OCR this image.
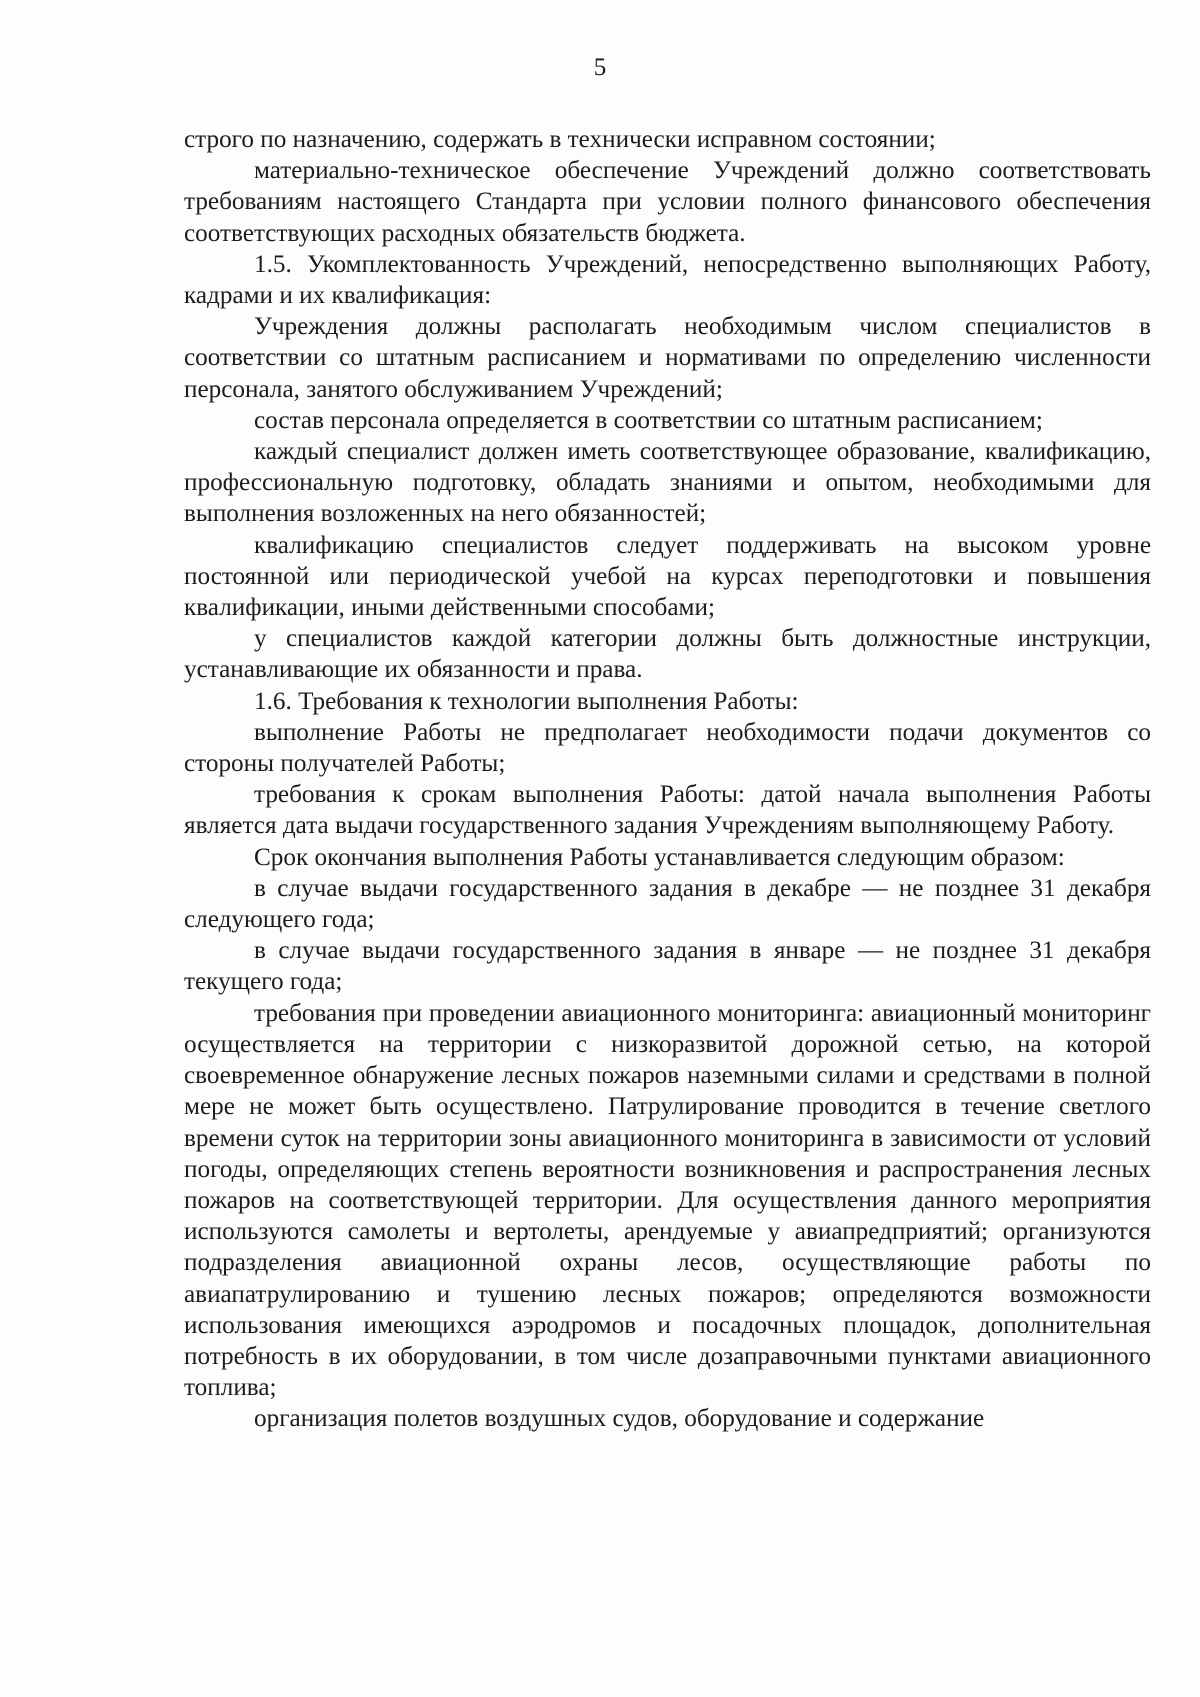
5

строго по назначению, содержать в технически исправном состоянии;

материально-техническое обеспечение Учреждений должно соответствовать требованиям настоящего Стандарта при условии полного финансового обеспечения соответствующих расходных обязательств бюджета.

1.5. Укомплектованность Учреждений, непосредственно выполняющих Работу, кадрами и их квалификация:

Учреждения должны располагать необходимым числом специалистов в соответствии со штатным расписанием и нормативами по определению численности персонала, занятого обслуживанием Учреждений;

состав персонала определяется в соответствии со штатным расписанием;

каждый специалист должен иметь соответствующее образование, квалификацию, профессиональную подготовку, обладать знаниями и опытом, необходимыми для выполнения возложенных на него обязанностей;

квалификацию специалистов следует поддерживать на высоком уровне постоянной или периодической учебой на курсах переподготовки и повышения квалификации, иными действенными способами;

у специалистов каждой категории должны быть должностные инструкции, устанавливающие их обязанности и права.

1.6. Требования к технологии выполнения Работы:

выполнение Работы не предполагает необходимости подачи документов со стороны получателей Работы;

требования к срокам выполнения Работы: датой начала выполнения Работы является дата выдачи государственного задания Учреждениям выполняющему Работу.

Срок окончания выполнения Работы устанавливается следующим образом:

в случае выдачи государственного задания в декабре — не позднее 31 декабря следующего года;

в случае выдачи государственного задания в январе — не позднее 31 декабря текущего года;

требования при проведении авиационного мониторинга: авиационный мониторинг осуществляется на территории с низкоразвитой дорожной сетью, на которой своевременное обнаружение лесных пожаров наземными силами и средствами в полной мере не может быть осуществлено. Патрулирование проводится в течение светлого времени суток на территории зоны авиационного мониторинга в зависимости от условий погоды, определяющих степень вероятности возникновения и распространения лесных пожаров на соответствующей территории. Для осуществления данного мероприятия используются самолеты и вертолеты, арендуемые у авиапредприятий; организуются подразделения авиационной охраны лесов, осуществляющие работы по авиапатрулированию и тушению лесных пожаров; определяются возможности использования имеющихся аэродромов и посадочных площадок, дополнительная потребность в их оборудовании, в том числе дозаправочными пунктами авиационного топлива;

организация полетов воздушных судов, оборудование и содержание
